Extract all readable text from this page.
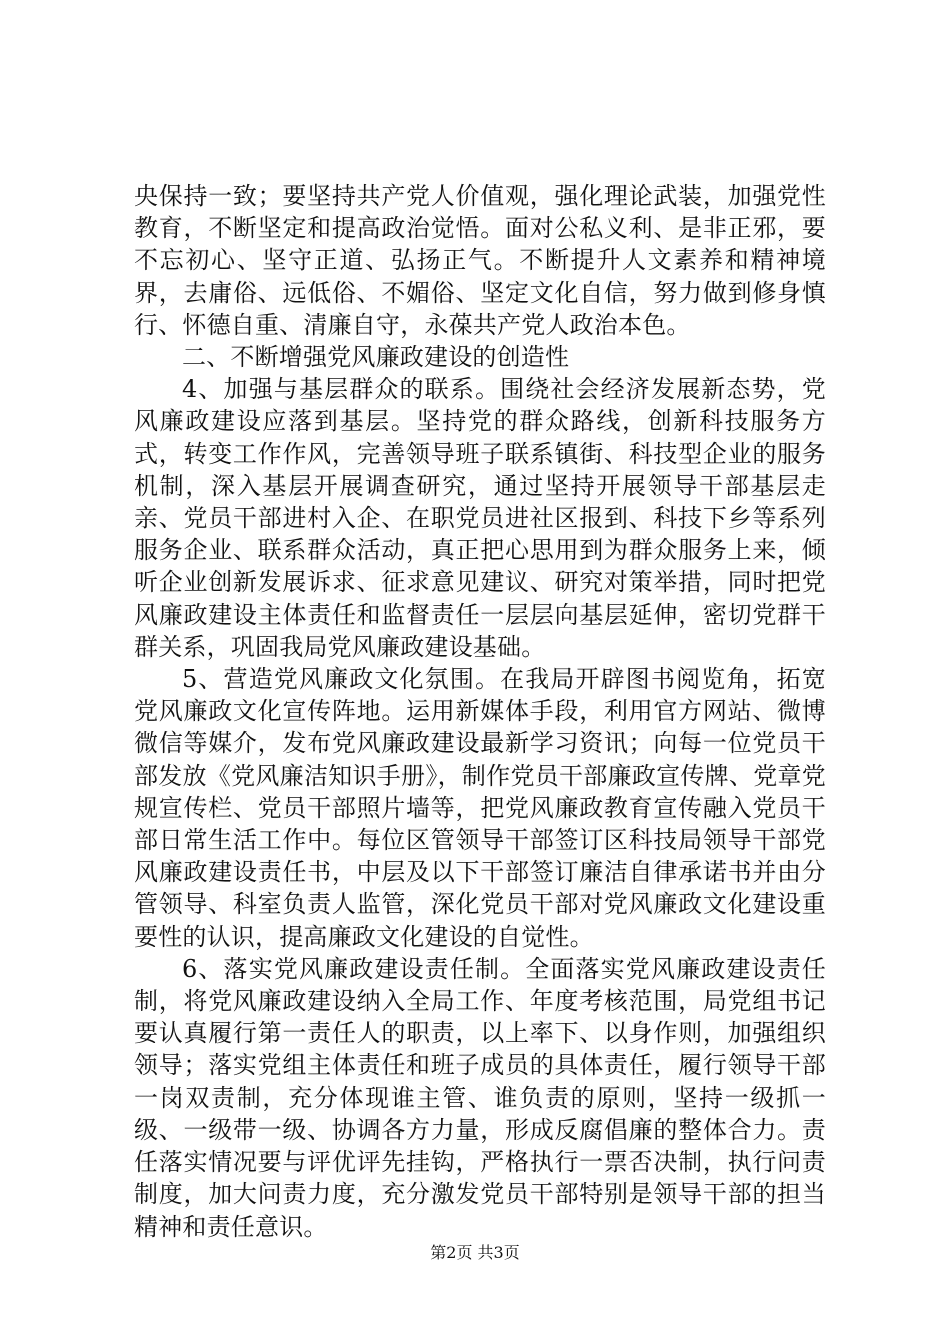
央保持一致；要坚持共产党人价值观，强化理论武装，加强党性教育，不断坚定和提高政治觉悟。面对公私义利、是非正邪，要不忘初心、坚守正道、弘扬正气。不断提升人文素养和精神境界，去庸俗、远低俗、不媚俗、坚定文化自信，努力做到修身慎行、怀德自重、清廉自守，永葆共产党人政治本色。

二、不断增强党风廉政建设的创造性

4、加强与基层群众的联系。围绕社会经济发展新态势，党风廉政建设应落到基层。坚持党的群众路线，创新科技服务方式，转变工作作风，完善领导班子联系镇街、科技型企业的服务机制，深入基层开展调查研究，通过坚持开展领导干部基层走亲、党员干部进村入企、在职党员进社区报到、科技下乡等系列服务企业、联系群众活动，真正把心思用到为群众服务上来，倾听企业创新发展诉求、征求意见建议、研究对策举措，同时把党风廉政建设主体责任和监督责任一层层向基层延伸，密切党群干群关系，巩固我局党风廉政建设基础。

5、营造党风廉政文化氛围。在我局开辟图书阅览角，拓宽党风廉政文化宣传阵地。运用新媒体手段，利用官方网站、微博微信等媒介，发布党风廉政建设最新学习资讯；向每一位党员干部发放《党风廉洁知识手册》，制作党员干部廉政宣传牌、党章党规宣传栏、党员干部照片墙等，把党风廉政教育宣传融入党员干部日常生活工作中。每位区管领导干部签订区科技局领导干部党风廉政建设责任书，中层及以下干部签订廉洁自律承诺书并由分管领导、科室负责人监管，深化党员干部对党风廉政文化建设重要性的认识，提高廉政文化建设的自觉性。

6、落实党风廉政建设责任制。全面落实党风廉政建设责任制，将党风廉政建设纳入全局工作、年度考核范围，局党组书记要认真履行第一责任人的职责，以上率下、以身作则，加强组织领导；落实党组主体责任和班子成员的具体责任，履行领导干部一岗双责制，充分体现谁主管、谁负责的原则，坚持一级抓一级、一级带一级、协调各方力量，形成反腐倡廉的整体合力。责任落实情况要与评优评先挂钩，严格执行一票否决制，执行问责制度，加大问责力度，充分激发党员干部特别是领导干部的担当精神和责任意识。

第2页 共3页
